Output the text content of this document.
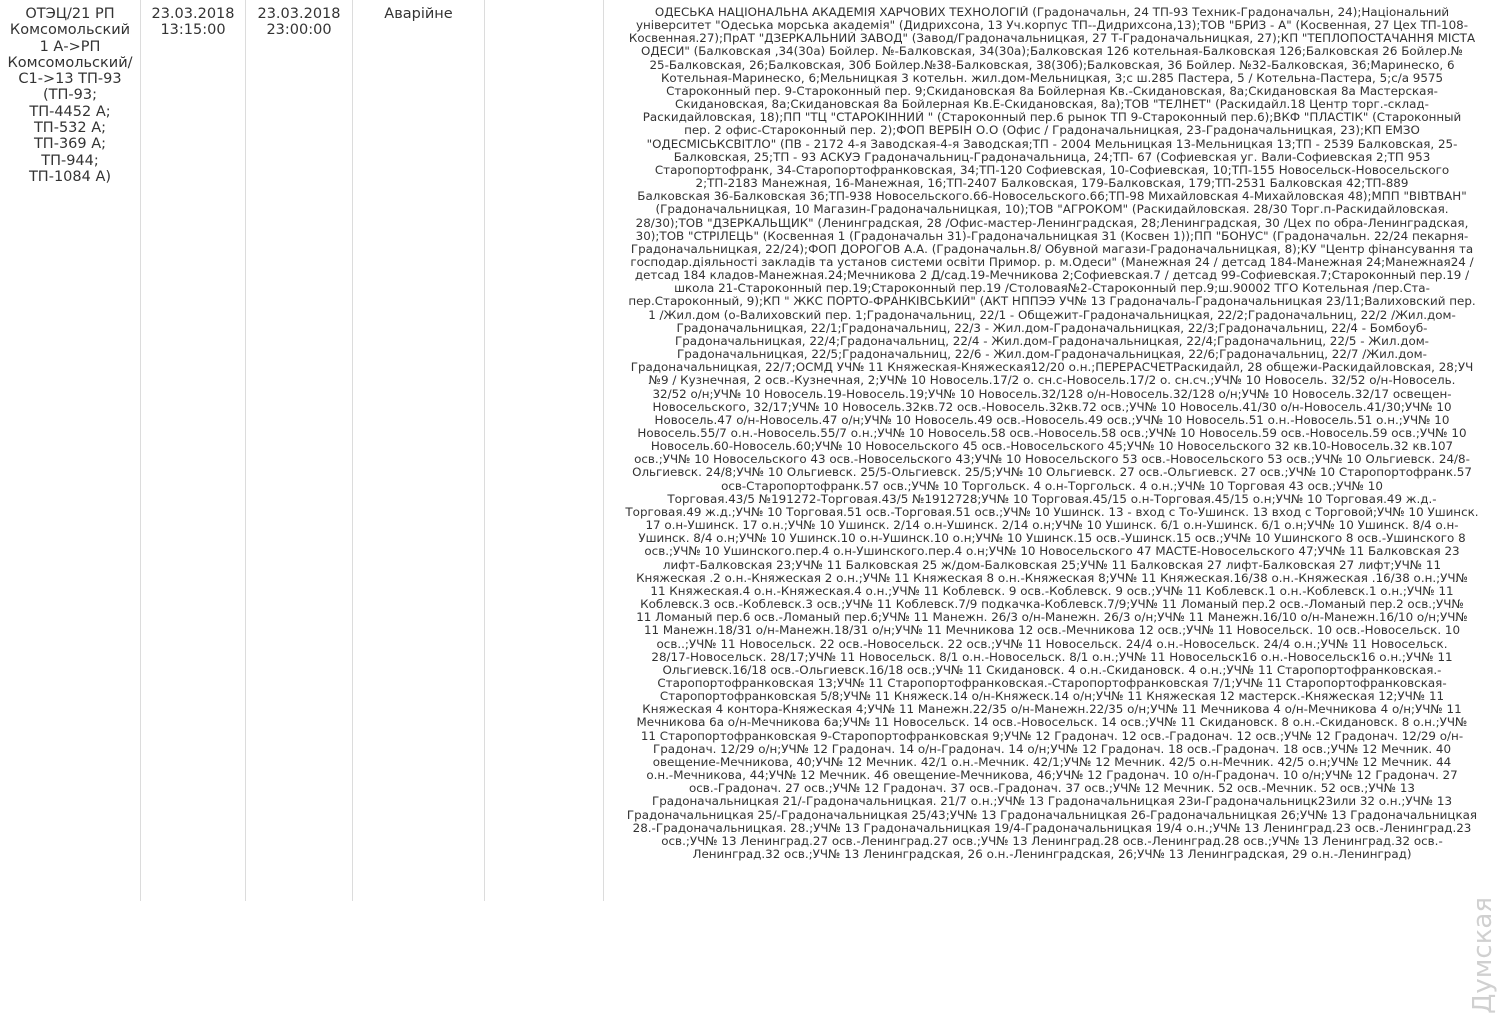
ОТЭЦ/21 РП
Комсомольский
1 А->РП
Комсомольский/
С1->13 ТП-93
(ТП-93;
ТП-4452 А;
ТП-532 А;
ТП-369 А;
ТП-944;
ТП-1084 А)

23.03.2018
13:15:00

23.03.2018
23:00:00

Аварійне		ОДЕСЬКА НАЦІОНАЛЬНА АКАДЕМІЯ ХАРЧОВИХ ТЕХНОЛОГІЙ (Градоначальн, 24 ТП-93 Техник-Градоначальн, 24);Національний
університет "Одеська морська академія" (Дидрихсона, 13 Уч.корпус ТП--Дидрихсона,13);ТОВ "БРИЗ - А" (Косвенная, 27 Цех ТП-108-
Косвенная.27);ПрАТ "ДЗЕРКАЛЬНИЙ ЗАВОД" (Завод/Градоначальницкая, 27 Т-Градоначальницкая, 27);КП "ТЕПЛОПОСТАЧАННЯ МІСТА
ОДЕСИ" (Балковская ,34(30а) Бойлер. №-Балковская, 34(30а);Балковская 126 котельная-Балковская 126;Балковская 26 Бойлер.№
25-Балковская, 26;Балковская, 30б Бойлер.№38-Балковская, 38(30б);Балковская, 36 Бойлер. №32-Балковская, 36;Маринеско, 6
Котельная-Маринеско, 6;Мельницкая 3 котельн. жил.дом-Мельницкая, 3;с ш.285 Пастера, 5 / Котельна-Пастера, 5;с/а 9575
Староконный пер. 9-Староконный пер. 9;Скидановская 8а Бойлерная Кв.-Скидановская, 8а;Скидановская 8а Мастерская-
Скидановская, 8а;Скидановская 8а Бойлерная Кв.Е-Скидановская, 8а);ТОВ "ТЕЛНЕТ" (Раскидайл.18 Центр торг.-склад-
Раскидайловская, 18);ПП "ТЦ "СТАРОКІННИЙ " (Староконный пер.6 рынок ТП 9-Староконный пер.6);ВКФ "ПЛАСТІК" (Староконный
пер. 2 офис-Староконный пер. 2);ФОП ВЕРБІН О.О (Офис / Градоначальницкая, 23-Градоначальницкая, 23);КП ЕМЗО
"ОДЕСМІСЬКСВІТЛО" (ПВ - 2172 4-я Заводская-4-я Заводская;ТП - 2004 Мельницкая 13-Мельницкая 13;ТП - 2539 Балковская, 25-
Балковская, 25;ТП - 93 АСКУЭ Градоначальниц-Градоначальница, 24;ТП- 67 (Софиевская уг. Вали-Софиевская 2;ТП 953
Старопортофранк, 34-Старопортофранковская, 34;ТП-120 Софиевская, 10-Софиевская, 10;ТП-155 Новосельск-Новосельского
2;ТП-2183 Манежная, 16-Манежная, 16;ТП-2407 Балковская, 179-Балковская, 179;ТП-2531 Балковская 42;ТП-889
Балковская 36-Балковская 36;ТП-938 Новосельского.66-Новосельского.66;ТП-98 Михайловская 4-Михайловская 48);МПП "ВІВТВАН"
(Градоначальницкая, 10 Магазин-Градоначальницкая, 10);ТОВ "АГРОКОМ" (Раскидайловская. 28/30 Торг.п-Раскидайловская.
28/30);ТОВ "ДЗЕРКАЛЬЩИК" (Ленинградская, 28 /Офис-мастер-Ленинградская, 28;Ленинградская, 30 /Цех по обра-Ленинградская,
30);ТОВ "СТРІЛЕЦЬ" (Косвенная 1 (Градоначальн 31)-Градоначальницкая 31 (Косвен 1));ПП "БОНУС" (Градоначальн. 22/24 пекарня-
Градоначальницкая, 22/24);ФОП ДОРОГОВ А.А. (Градоначальн.8/ Обувной магази-Градоначальницкая, 8);КУ "Центр фінансування та
господар.діяльності закладів та установ системи освіти Примор. р. м.Одеси" (Манежная 24 / детсад 184-Манежная 24;Манежная24 /
детсад 184 кладов-Манежная.24;Мечникова 2 Д/сад.19-Мечникова 2;Софиевская.7 / детсад 99-Софиевская.7;Староконный пер.19 /
школа 21-Староконный пер.19;Староконный пер.19 /Столовая№2-Староконный пер.9;ш.90002 ТГО Котельная /пер.Ста-
пер.Староконный, 9);КП " ЖКС ПОРТО-ФРАНКІВСЬКИЙ" (АКТ НППЭЭ УЧ№ 13 Градоначаль-Градоначальницкая 23/11;Валиховский пер.
1 /Жил.дом (о-Валиховский пер. 1;Градоначальниц, 22/1 - Общежит-Градоначальницкая, 22/2;Градоначальниц, 22/2 /Жил.дом-
Градоначальницкая, 22/1;Градоначальниц, 22/3 - Жил.дом-Градоначальницкая, 22/3;Градоначальниц, 22/4 - Бомбоуб-
Градоначальницкая, 22/4;Градоначальниц, 22/4 - Жил.дом-Градоначальницкая, 22/4;Градоначальниц, 22/5 - Жил.дом-
Градоначальницкая, 22/5;Градоначальниц, 22/6 - Жил.дом-Градоначальницкая, 22/6;Градоначальниц, 22/7 /Жил.дом-
Градоначальницкая, 22/7;ОСМД УЧ№ 11 Княжеская-Княжеская12/20 о.н.;ПЕРЕРАСЧЕТРаскидайл, 28 общежи-Раскидайловская, 28;УЧ
№9 / Кузнечная, 2 осв.-Кузнечная, 2;УЧ№ 10 Новосель.17/2 о. сн.с-Новосель.17/2 о. сн.сч.;УЧ№ 10 Новосель. 32/52 о/н-Новосель.
32/52 о/н;УЧ№ 10 Новосель.19-Новосель.19;УЧ№ 10 Новосель.32/128 о/н-Новосель.32/128 о/н;УЧ№ 10 Новосель.32/17 освещен-
Новосельского, 32/17;УЧ№ 10 Новосель.32кв.72 осв.-Новосель.32кв.72 осв.;УЧ№ 10 Новосель.41/30 о/н-Новосель.41/30;УЧ№ 10
Новосель.47 о/н-Новосель.47 о/н;УЧ№ 10 Новосель.49 осв.-Новосель.49 осв.;УЧ№ 10 Новосель.51 о.н.-Новосель.51 о.н.;УЧ№ 10
Новосель.55/7 о.н.-Новосель.55/7 о.н.;УЧ№ 10 Новосель.58 осв.-Новосель.58 осв.;УЧ№ 10 Новосель.59 осв.-Новосель.59 осв.;УЧ№ 10
Новосель.60-Новосель.60;УЧ№ 10 Новосельского 45 осв.-Новосельского 45;УЧ№ 10 Новосельского 32 кв.10-Новосель.32 кв.107
осв.;УЧ№ 10 Новосельского 43 осв.-Новосельского 43;УЧ№ 10 Новосельского 53 осв.-Новосельского 53 осв.;УЧ№ 10 Ольгиевск. 24/8-
Ольгиевск. 24/8;УЧ№ 10 Ольгиевск. 25/5-Ольгиевск. 25/5;УЧ№ 10 Ольгиевск. 27 осв.-Ольгиевск. 27 осв.;УЧ№ 10 Старопортофранк.57
осв-Старопортофранк.57 осв.;УЧ№ 10 Торгольск. 4 о.н-Торгольск. 4 о.н.;УЧ№ 10 Торговая 43 осв.;УЧ№ 10
Торговая.43/5 №191272-Торговая.43/5 №1912728;УЧ№ 10 Торговая.45/15 о.н-Торговая.45/15 о.н;УЧ№ 10 Торговая.49 ж.д.-
Торговая.49 ж.д.;УЧ№ 10 Торговая.51 осв.-Торговая.51 осв.;УЧ№ 10 Ушинск. 13 - вход с То-Ушинск. 13 вход с Торговой;УЧ№ 10 Ушинск.
17 о.н-Ушинск. 17 о.н.;УЧ№ 10 Ушинск. 2/14 о.н-Ушинск. 2/14 о.н;УЧ№ 10 Ушинск. 6/1 о.н-Ушинск. 6/1 о.н;УЧ№ 10 Ушинск. 8/4 о.н-
Ушинск. 8/4 о.н;УЧ№ 10 Ушинск.10 о.н-Ушинск.10 о.н;УЧ№ 10 Ушинск.15 осв.-Ушинск.15 осв.;УЧ№ 10 Ушинского 8 осв.-Ушинского 8
осв.;УЧ№ 10 Ушинского.пер.4 о.н-Ушинского.пер.4 о.н;УЧ№ 10 Новосельского 47 МАСТЕ-Новосельского 47;УЧ№ 11 Балковская 23
лифт-Балковская 23;УЧ№ 11 Балковская 25 ж/дом-Балковская 25;УЧ№ 11 Балковская 27 лифт-Балковская 27 лифт;УЧ№ 11
Княжеская .2 о.н.-Княжеская 2 о.н.;УЧ№ 11 Княжеская 8 о.н.-Княжеская 8;УЧ№ 11 Княжеская.16/38 о.н.-Княжеская .16/38 о.н.;УЧ№
11 Княжеская.4 о.н.-Княжеская.4 о.н.;УЧ№ 11 Коблевск. 9 осв.-Коблевск. 9 осв.;УЧ№ 11 Коблевск.1 о.н.-Коблевск.1 о.н.;УЧ№ 11
Коблевск.3 осв.-Коблевск.3 осв.;УЧ№ 11 Коблевск.7/9 подкачка-Коблевск.7/9;УЧ№ 11 Ломаный пер.2 осв.-Ломаный пер.2 осв.;УЧ№
11 Ломаный пер.6 осв.-Ломаный пер.6;УЧ№ 11 Манежн. 26/3 о/н-Манежн. 26/3 о/н;УЧ№ 11 Манежн.16/10 о/н-Манежн.16/10 о/н;УЧ№
11 Манежн.18/31 о/н-Манежн.18/31 о/н;УЧ№ 11 Мечникова 12 осв.-Мечникова 12 осв.;УЧ№ 11 Новосельск. 10 осв.-Новосельск. 10
осв..;УЧ№ 11 Новосельск. 22 осв.-Новосельск. 22 осв.;УЧ№ 11 Новосельск. 24/4 о.н.-Новосельск. 24/4 о.н.;УЧ№ 11 Новосельск.
28/17-Новосельск. 28/17;УЧ№ 11 Новосельск. 8/1 о.н.-Новосельск. 8/1 о.н.;УЧ№ 11 Новосельск16 о.н.-Новосельск16 о.н.;УЧ№ 11
Ольгиевск.16/18 осв.-Ольгиевск.16/18 осв.;УЧ№ 11 Скидановск. 4 о.н.-Скидановск. 4 о.н.;УЧ№ 11 Старопортофранковская.-
Старопортофранковская 13;УЧ№ 11 Старопортофранковская.-Старопортофранковская 7/1;УЧ№ 11 Старопортофранковская-
Старопортофранковская 5/8;УЧ№ 11 Княжеск.14 о/н-Княжеск.14 о/н;УЧ№ 11 Княжеская 12 мастерск.-Княжеская 12;УЧ№ 11
Княжеская 4 контора-Княжеская 4;УЧ№ 11 Манежн.22/35 о/н-Манежн.22/35 о/н;УЧ№ 11 Мечникова 4 о/н-Мечникова 4 о/н;УЧ№ 11
Мечникова 6а о/н-Мечникова 6а;УЧ№ 11 Новосельск. 14 осв.-Новосельск. 14 осв.;УЧ№ 11 Скидановск. 8 о.н.-Скидановск. 8 о.н.;УЧ№
11 Старопортофранковская 9-Старопортофранковская 9;УЧ№ 12 Градонач. 12 осв.-Градонач. 12 осв.;УЧ№ 12 Градонач. 12/29 о/н-
Градонач. 12/29 о/н;УЧ№ 12 Градонач. 14 о/н-Градонач. 14 о/н;УЧ№ 12 Градонач. 18 осв.-Градонач. 18 осв.;УЧ№ 12 Мечник. 40
овещение-Мечникова, 40;УЧ№ 12 Мечник. 42/1 о.н.-Мечник. 42/1;УЧ№ 12 Мечник. 42/5 о.н-Мечник. 42/5 о.н;УЧ№ 12 Мечник. 44
о.н.-Мечникова, 44;УЧ№ 12 Мечник. 46 овещение-Мечникова, 46;УЧ№ 12 Градонач. 10 о/н-Градонач. 10 о/н;УЧ№ 12 Градонач. 27
осв.-Градонач. 27 осв.;УЧ№ 12 Градонач. 37 осв.-Градонач. 37 осв.;УЧ№ 12 Мечник. 52 осв.-Мечник. 52 осв.;УЧ№ 13
Градоначальницкая 21/-Градоначальницкая. 21/7 о.н.;УЧ№ 13 Градоначальницкая 23и-Градоначальницк23или 32 о.н.;УЧ№ 13
Градоначальницкая 25/-Градоначальницкая 25/43;УЧ№ 13 Градоначальницкая 26-Градоначальницкая 26;УЧ№ 13 Градоначальницкая
28.-Градоначальницкая. 28.;УЧ№ 13 Градоначальницкая 19/4-Градоначальницкая 19/4 о.н.;УЧ№ 13 Ленинград.23 осв.-Ленинград.23
осв.;УЧ№ 13 Ленинград.27 осв.-Ленинград.27 осв.;УЧ№ 13 Ленинград.28 осв.-Ленинград.28 осв.;УЧ№ 13 Ленинград.32 осв.-
Ленинград.32 осв.;УЧ№ 13 Ленинградская, 26 о.н.-Ленинградская, 26;УЧ№ 13 Ленинградская, 29 о.н.-Ленинград)
Думская
